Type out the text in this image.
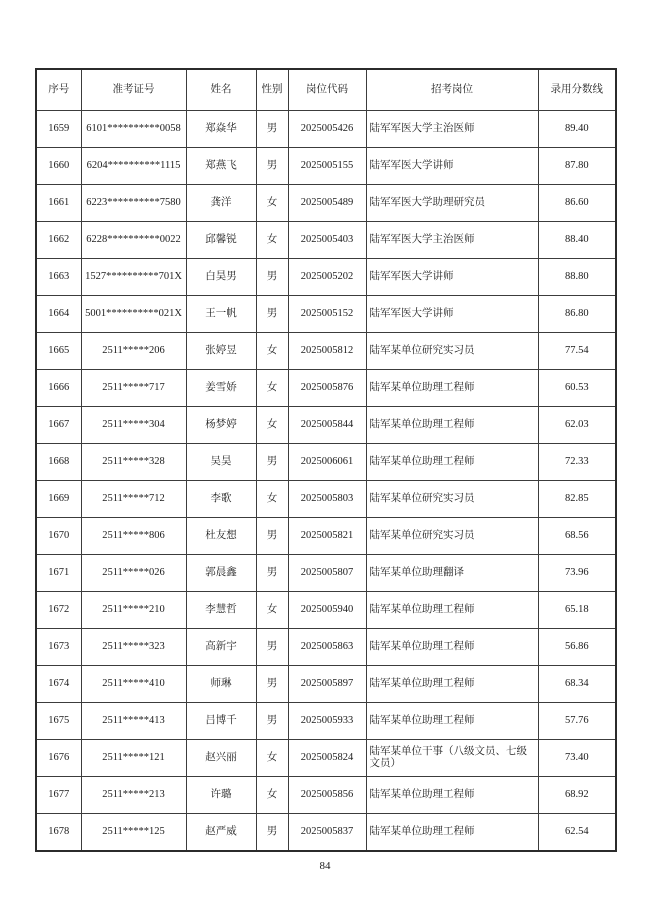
序号	准考证号	姓名	性别	岗位代码	招考岗位	录用分数线
1659	6101**********0058	郑焱华	男	2025005426	陆军军医大学主治医师	89.40
1660	6204**********1115	郑燕飞	男	2025005155	陆军军医大学讲师	87.80
1661	6223**********7580	龚洋	女	2025005489	陆军军医大学助理研究员	86.60
1662	6228**********0022	邱馨锐	女	2025005403	陆军军医大学主治医师	88.40
1663	1527**********701X	白昊男	男	2025005202	陆军军医大学讲师	88.80
1664	5001**********021X	王一帆	男	2025005152	陆军军医大学讲师	86.80
1665	2511*****206	张婷昱	女	2025005812	陆军某单位研究实习员	77.54
1666	2511*****717	姜雪娇	女	2025005876	陆军某单位助理工程师	60.53
1667	2511*****304	杨梦婷	女	2025005844	陆军某单位助理工程师	62.03
1668	2511*****328	吴昊	男	2025006061	陆军某单位助理工程师	72.33
1669	2511*****712	李歌	女	2025005803	陆军某单位研究实习员	82.85
1670	2511*****806	杜友想	男	2025005821	陆军某单位研究实习员	68.56
1671	2511*****026	郭晨鑫	男	2025005807	陆军某单位助理翻译	73.96
1672	2511*****210	李慧哲	女	2025005940	陆军某单位助理工程师	65.18
1673	2511*****323	高新宇	男	2025005863	陆军某单位助理工程师	56.86
1674	2511*****410	师琳	男	2025005897	陆军某单位助理工程师	68.34
1675	2511*****413	吕博千	男	2025005933	陆军某单位助理工程师	57.76
1676	2511*****121	赵兴丽	女	2025005824	陆军某单位干事（八级文员、七级文员）	73.40
1677	2511*****213	许璐	女	2025005856	陆军某单位助理工程师	68.92
1678	2511*****125	赵严威	男	2025005837	陆军某单位助理工程师	62.54
84
